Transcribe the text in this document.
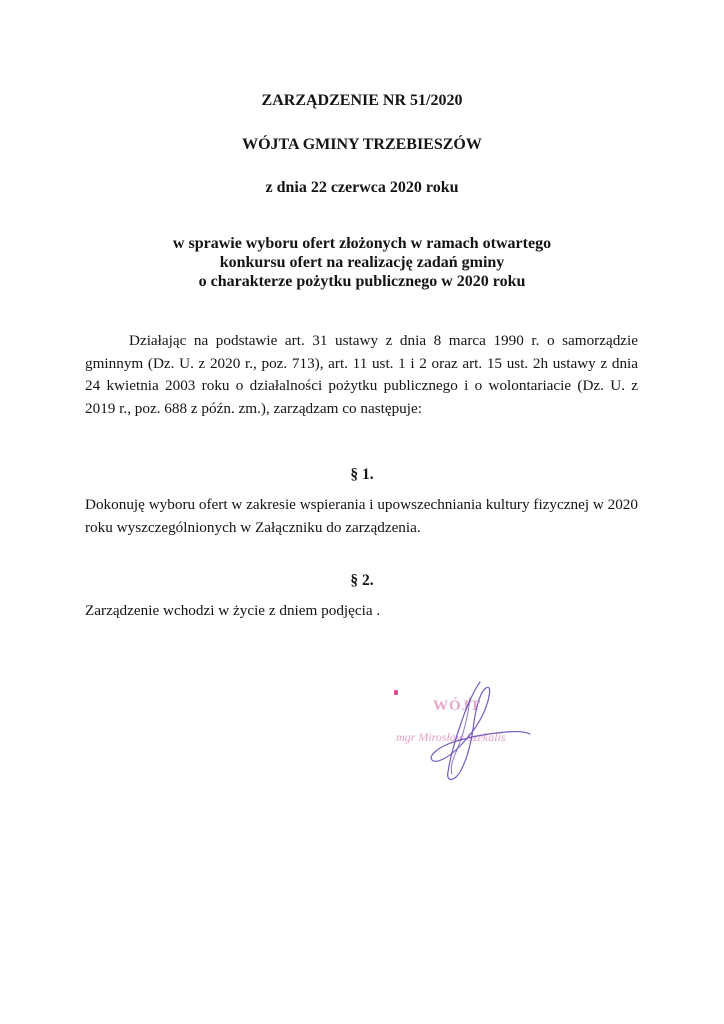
ZARZĄDZENIE NR 51/2020
WÓJTA GMINY TRZEBIESZÓW
z dnia 22 czerwca 2020 roku
w sprawie wyboru ofert złożonych w ramach otwartego
konkursu ofert na realizację zadań gminy
o charakterze pożytku publicznego w 2020 roku
Działając na podstawie art. 31 ustawy z dnia 8 marca 1990 r. o samorządzie gminnym (Dz. U. z 2020 r., poz. 713), art. 11 ust. 1 i 2 oraz art. 15 ust. 2h ustawy z dnia 24 kwietnia 2003 roku o działalności pożytku publicznego i o wolontariacie (Dz. U. z 2019 r., poz. 688 z późn. zm.), zarządzam co następuje:
§ 1.
Dokonuję wyboru ofert w zakresie wspierania i upowszechniania kultury fizycznej w 2020 roku wyszczególnionych w Załączniku do zarządzenia.
§ 2.
Zarządzenie wchodzi w życie z dniem podjęcia .
WÓJT
mgr Mirosław Szekalis
